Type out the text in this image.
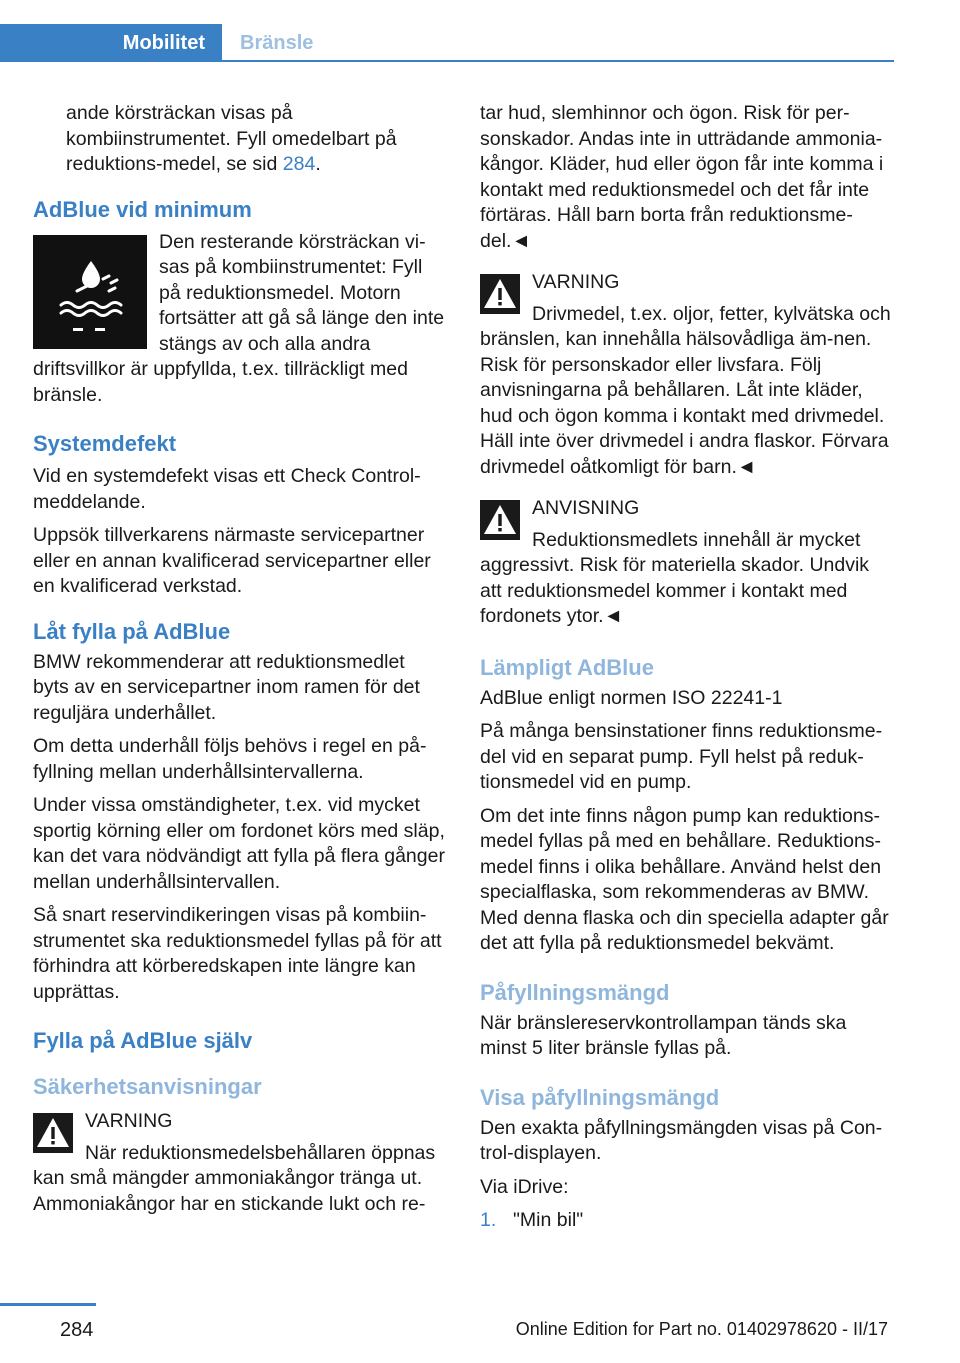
Mobilitet	Bränsle

ande körsträckan visas på kombiinstrumentet. Fyll omedelbart på reduktions-medel, se sid 284.

AdBlue vid minimum

Den resterande körsträckan vi-sas på kombiinstrumentet: Fyll på reduktionsmedel. Motorn fortsätter att gå så länge den inte stängs av och alla andra driftsvillkor är uppfyllda, t.ex. tillräckligt med bränsle.

Systemdefekt

Vid en systemdefekt visas ett Check Control-meddelande.

Uppsök tillverkarens närmaste servicepartner eller en annan kvalificerad servicepartner eller en kvalificerad verkstad.

Låt fylla på AdBlue

BMW rekommenderar att reduktionsmedlet byts av en servicepartner inom ramen för det reguljära underhållet.

Om detta underhåll följs behövs i regel en på-fyllning mellan underhållsintervallerna.

Under vissa omständigheter, t.ex. vid mycket sportig körning eller om fordonet körs med släp, kan det vara nödvändigt att fylla på flera gånger mellan underhållsintervallen.

Så snart reservindikeringen visas på kombiin-strumentet ska reduktionsmedel fyllas på för att förhindra att körberedskapen inte längre kan upprättas.

Fylla på AdBlue själv
Säkerhetsanvisningar
VARNING
När reduktionsmedelsbehållaren öppnas kan små mängder ammoniakångor tränga ut. Ammoniakångor har en stickande lukt och re-

tar hud, slemhinnor och ögon. Risk för per-sonskador. Andas inte in utträdande ammonia-kångor. Kläder, hud eller ögon får inte komma i kontakt med reduktionsmedel och det får inte förtäras. Håll barn borta från reduktionsme-del.◄

VARNING
Drivmedel, t.ex. oljor, fetter, kylvätska och bränslen, kan innehålla hälsovådliga äm-nen. Risk för personskador eller livsfara. Följ anvisningarna på behållaren. Låt inte kläder, hud och ögon komma i kontakt med drivmedel. Häll inte över drivmedel i andra flaskor. Förvara drivmedel oåtkomligt för barn.◄
ANVISNING
Reduktionsmedlets innehåll är mycket aggressivt. Risk för materiella skador. Undvik att reduktionsmedel kommer i kontakt med fordonets ytor.◄
Lämpligt AdBlue

AdBlue enligt normen ISO 22241‑1

På många bensinstationer finns reduktionsme-del vid en separat pump. Fyll helst på reduk-tionsmedel vid en pump.

Om det inte finns någon pump kan reduktions-medel fyllas på med en behållare. Reduktions-medel finns i olika behållare. Använd helst den specialflaska, som rekommenderas av BMW. Med denna flaska och din speciella adapter går det att fylla på reduktionsmedel bekvämt.

Påfyllningsmängd

När bränslereservkontrollampan tänds ska minst 5 liter bränsle fyllas på.

Visa påfyllningsmängd

Den exakta påfyllningsmängden visas på Con-trol-displayen.

Via iDrive:

1. "Min bil"
284	Online Edition for Part no. 01402978620 - II/17
